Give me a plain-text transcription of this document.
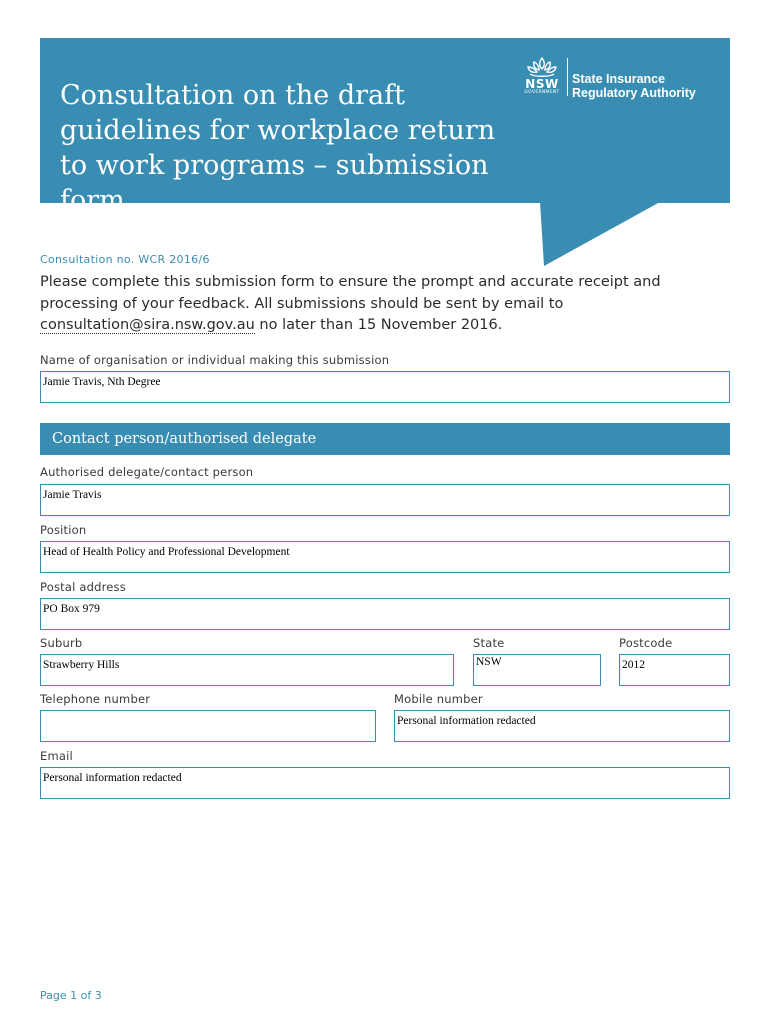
Consultation on the draft guidelines for workplace return to work programs – submission form
NSW
GOVERNMENT
State Insurance
Regulatory Authority
Consultation no. WCR 2016/6
Please complete this submission form to ensure the prompt and accurate receipt and processing of your feedback. All submissions should be sent by email to consultation@sira.nsw.gov.au no later than 15 November 2016.
Name of organisation or individual making this submission
Jamie Travis, Nth Degree
Contact person/authorised delegate
Authorised delegate/contact person
Jamie Travis
Position
Head of Health Policy and Professional Development
Postal address
PO Box 979
Suburb
Strawberry Hills
State
NSW
Postcode
2012
Telephone number	Mobile number
Personal information redacted
Email
Personal information redacted
Page 1 of 3
